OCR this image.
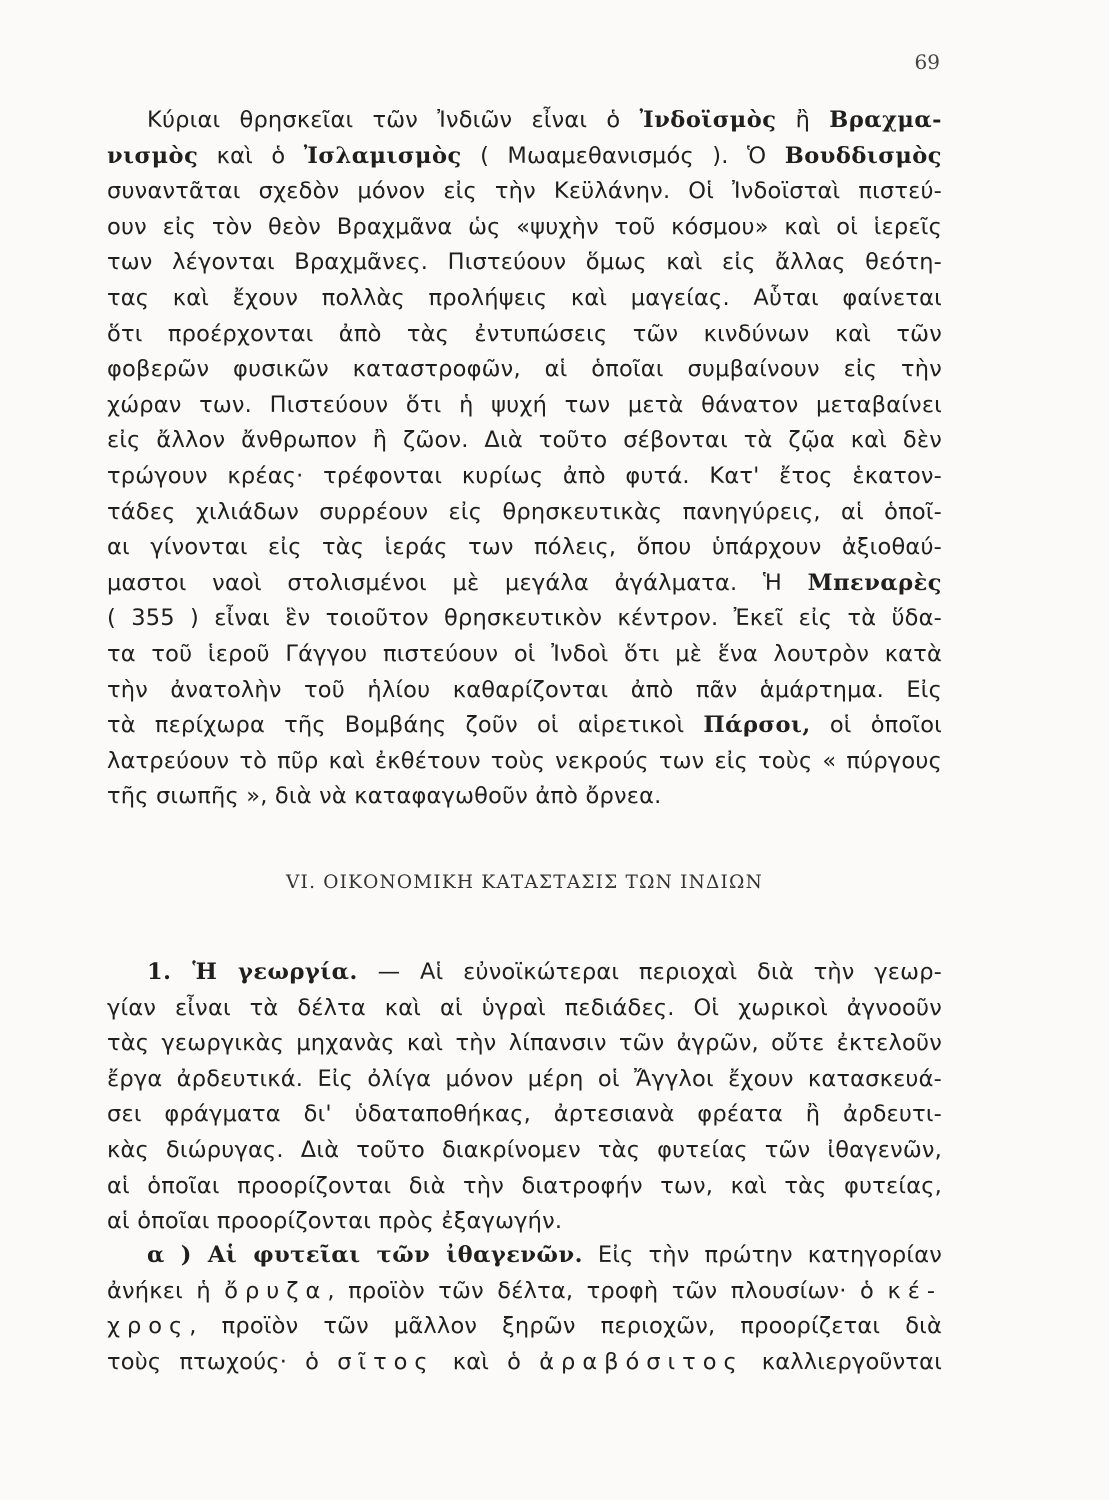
69
Κύριαι θρησκεῖαι τῶν Ἰνδιῶν εἶναι ὁ Ἰνδοϊσμὸς ἢ Βραχμα-
νισμὸς καὶ ὁ Ἰσλαμισμὸς ( Μωαμεθανισμός ). Ὁ Βουδδισμὸς
συναντᾶται σχεδὸν μόνον εἰς τὴν Κεϋλάνην. Οἱ Ἰνδοϊσταὶ πιστεύ-
ουν εἰς τὸν θεὸν Βραχμᾶνα ὡς «ψυχὴν τοῦ κόσμου» καὶ οἱ ἱερεῖς
των λέγονται Βραχμᾶνες. Πιστεύουν ὅμως καὶ εἰς ἄλλας θεότη-
τας καὶ ἔχουν πολλὰς προλήψεις καὶ μαγείας. Αὗται φαίνεται
ὅτι προέρχονται ἀπὸ τὰς ἐντυπώσεις τῶν κινδύνων καὶ τῶν
φοβερῶν φυσικῶν καταστροφῶν, αἱ ὁποῖαι συμβαίνουν εἰς τὴν
χώραν των. Πιστεύουν ὅτι ἡ ψυχή των μετὰ θάνατον μεταβαίνει
εἰς ἄλλον ἄνθρωπον ἢ ζῶον. Διὰ τοῦτο σέβονται τὰ ζῷα καὶ δὲν
τρώγουν κρέας· τρέφονται κυρίως ἀπὸ φυτά. Κατ' ἔτος ἑκατον-
τάδες χιλιάδων συρρέουν εἰς θρησκευτικὰς πανηγύρεις, αἱ ὁποῖ-
αι γίνονται εἰς τὰς ἱεράς των πόλεις, ὅπου ὑπάρχουν ἀξιοθαύ-
μαστοι ναοὶ στολισμένοι μὲ μεγάλα ἀγάλματα. Ἡ Μπεναρὲς
( 355 ) εἶναι ἓν τοιοῦτον θρησκευτικὸν κέντρον. Ἐκεῖ εἰς τὰ ὕδα-
τα τοῦ ἱεροῦ Γάγγου πιστεύουν οἱ Ἰνδοὶ ὅτι μὲ ἕνα λουτρὸν κατὰ
τὴν ἀνατολὴν τοῦ ἡλίου καθαρίζονται ἀπὸ πᾶν ἁμάρτημα. Εἰς
τὰ περίχωρα τῆς Βομβάης ζοῦν οἱ αἱρετικοὶ Πάρσοι, οἱ ὁποῖοι
λατρεύουν τὸ πῦρ καὶ ἐκθέτουν τοὺς νεκρούς των εἰς τοὺς « πύργους
τῆς σιωπῆς », διὰ νὰ καταφαγωθοῦν ἀπὸ ὄρνεα.
VI. ΟΙΚΟΝΟΜΙΚΗ ΚΑΤΑΣΤΑΣΙΣ ΤΩΝ ΙΝΔΙΩΝ
1. Ἡ γεωργία. — Αἱ εὐνοϊκώτεραι περιοχαὶ διὰ τὴν γεωρ-
γίαν εἶναι τὰ δέλτα καὶ αἱ ὑγραὶ πεδιάδες. Οἱ χωρικοὶ ἀγνοοῦν
τὰς γεωργικὰς μηχανὰς καὶ τὴν λίπανσιν τῶν ἀγρῶν, οὔτε ἐκτελοῦν
ἔργα ἀρδευτικά. Εἰς ὀλίγα μόνον μέρη οἱ Ἄγγλοι ἔχουν κατασκευά-
σει φράγματα δι' ὑδαταποθήκας, ἀρτεσιανὰ φρέατα ἢ ἀρδευτι-
κὰς διώρυγας. Διὰ τοῦτο διακρίνομεν τὰς φυτείας τῶν ἰθαγενῶν,
αἱ ὁποῖαι προορίζονται διὰ τὴν διατροφήν των, καὶ τὰς φυτείας,
αἱ ὁποῖαι προορίζονται πρὸς ἐξαγωγήν.
α ) Αἱ φυτεῖαι τῶν ἰθαγενῶν. Εἰς τὴν πρώτην κατηγορίαν
ἀνήκει ἡ ὄρυζα, προϊὸν τῶν δέλτα, τροφὴ τῶν πλουσίων· ὁ κέ-
χρος, προϊὸν τῶν μᾶλλον ξηρῶν περιοχῶν, προορίζεται διὰ
τοὺς πτωχούς· ὁ σῖτος καὶ ὁ ἀραβόσιτος καλλιεργοῦνται
